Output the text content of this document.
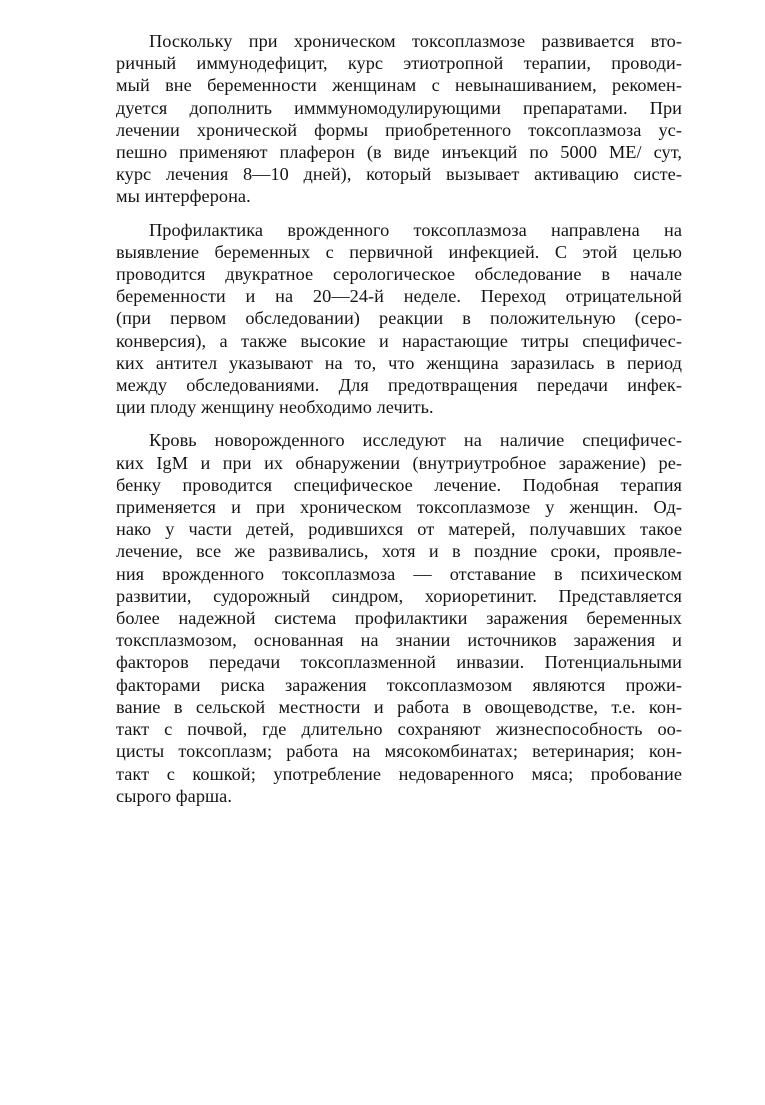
Поскольку при хроническом токсоплазмозе развивается вто-
ричный иммунодефицит, курс этиотропной терапии, проводи-
мый вне беременности женщинам с невынашиванием, рекомен-
дуется дополнить имммуномодулирующими препаратами. При
лечении хронической формы приобретенного токсоплазмоза ус-
пешно применяют плаферон (в виде инъекций по 5000 МЕ/ сут,
курс лечения 8—10 дней), который вызывает активацию систе-
мы интерферона.
Профилактика врожденного токсоплазмоза направлена на
выявление беременных с первичной инфекцией. С этой целью
проводится двукратное серологическое обследование в начале
беременности и на 20—24-й неделе. Переход отрицательной
(при первом обследовании) реакции в положительную (серо-
конверсия), а также высокие и нарастающие титры специфичес-
ких антител указывают на то, что женщина заразилась в период
между обследованиями. Для предотвращения передачи инфек-
ции плоду женщину необходимо лечить.
Кровь новорожденного исследуют на наличие специфичес-
ких IgM и при их обнаружении (внутриутробное заражение) ре-
бенку проводится специфическое лечение. Подобная терапия
применяется и при хроническом токсоплазмозе у женщин. Од-
нако у части детей, родившихся от матерей, получавших такое
лечение, все же развивались, хотя и в поздние сроки, проявле-
ния врожденного токсоплазмоза — отставание в психическом
развитии, судорожный синдром, хориоретинит. Представляется
более надежной система профилактики заражения беременных
токсплазмозом, основанная на знании источников заражения и
факторов передачи токсоплазменной инвазии. Потенциальными
факторами риска заражения токсоплазмозом являются прожи-
вание в сельской местности и работа в овощеводстве, т.е. кон-
такт с почвой, где длительно сохраняют жизнеспособность оо-
цисты токсоплазм; работа на мясокомбинатах; ветеринария; кон-
такт с кошкой; употребление недоваренного мяса; пробование
сырого фарша.
